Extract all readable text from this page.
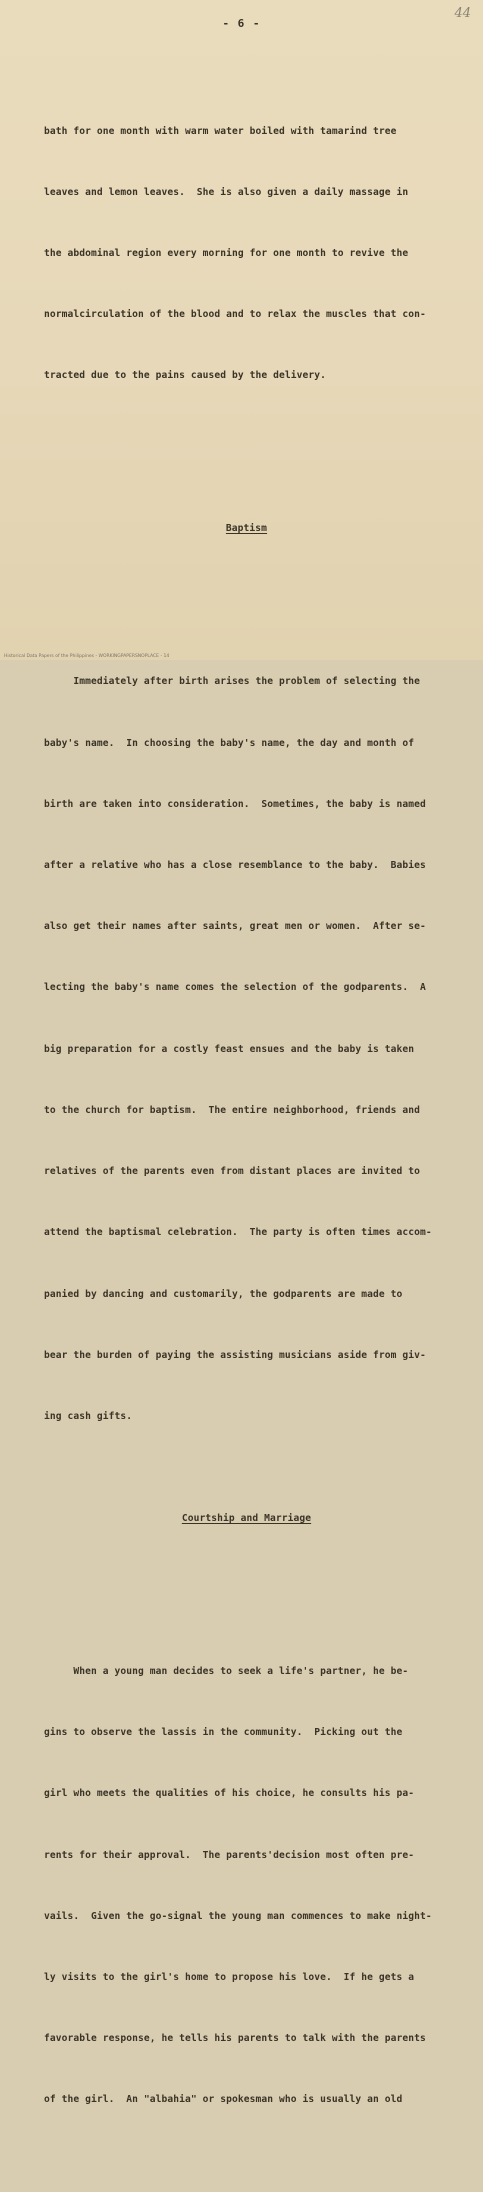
44
- 6 -

bath for one month with warm water boiled with tamarind tree

leaves and lemon leaves.  She is also given a daily massage in

the abdominal region every morning for one month to revive the

normalcirculation of the blood and to relax the muscles that con-

tracted due to the pains caused by the delivery.

Baptism

Immediately after birth arises the problem of selecting the

baby's name.  In choosing the baby's name, the day and month of

birth are taken into consideration.  Sometimes, the baby is named

after a relative who has a close resemblance to the baby.  Babies

also get their names after saints, great men or women.  After se-

lecting the baby's name comes the selection of the godparents.  A

big preparation for a costly feast ensues and the baby is taken

to the church for baptism.  The entire neighborhood, friends and

relatives of the parents even from distant places are invited to

attend the baptismal celebration.  The party is often times accom-

panied by dancing and customarily, the godparents are made to

bear the burden of paying the assisting musicians aside from giv-

ing cash gifts.

Courtship and Marriage

When a young man decides to seek a life's partner, he be-

gins to observe the lassis in the community.  Picking out the

girl who meets the qualities of his choice, he consults his pa-

rents for their approval.  The parents'decision most often pre-

vails.  Given the go-signal the young man commences to make night-

ly visits to the girl's home to propose his love.  If he gets a

favorable response, he tells his parents to talk with the parents

of the girl.  An "albahia" or spokesman who is usually an old

Historical Data Papers of the Philippines - WORKINGPAPERSNOPLACE - 14
